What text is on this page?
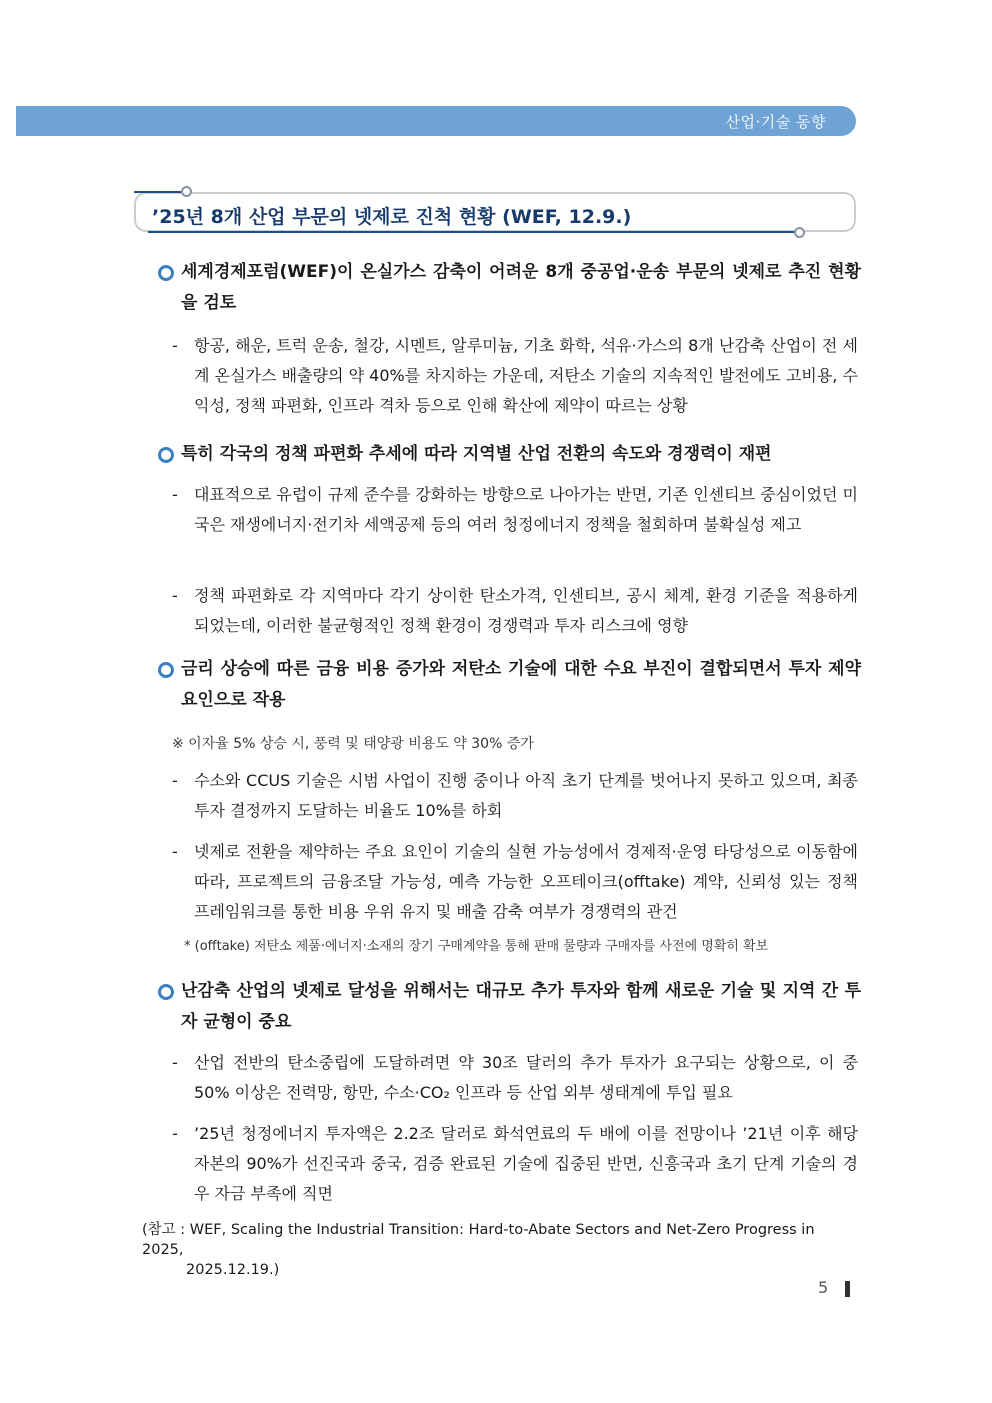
산업·기술 동향
’25년 8개 산업 부문의 넷제로 진척 현황 (WEF, 12.9.)
세계경제포럼(WEF)이 온실가스 감축이 어려운 8개 중공업·운송 부문의 넷제로 추진 현황을 검토
- 항공, 해운, 트럭 운송, 철강, 시멘트, 알루미늄, 기초 화학, 석유·가스의 8개 난감축 산업이 전 세계 온실가스 배출량의 약 40%를 차지하는 가운데, 저탄소 기술의 지속적인 발전에도 고비용, 수익성, 정책 파편화, 인프라 격차 등으로 인해 확산에 제약이 따르는 상황
특히 각국의 정책 파편화 추세에 따라 지역별 산업 전환의 속도와 경쟁력이 재편
- 대표적으로 유럽이 규제 준수를 강화하는 방향으로 나아가는 반면, 기존 인센티브 중심이었던 미국은 재생에너지·전기차 세액공제 등의 여러 청정에너지 정책을 철회하며 불확실성 제고
- 정책 파편화로 각 지역마다 각기 상이한 탄소가격, 인센티브, 공시 체계, 환경 기준을 적용하게 되었는데, 이러한 불균형적인 정책 환경이 경쟁력과 투자 리스크에 영향
금리 상승에 따른 금융 비용 증가와 저탄소 기술에 대한 수요 부진이 결합되면서 투자 제약 요인으로 작용
※ 이자율 5% 상승 시, 풍력 및 태양광 비용도 약 30% 증가
- 수소와 CCUS 기술은 시범 사업이 진행 중이나 아직 초기 단계를 벗어나지 못하고 있으며, 최종 투자 결정까지 도달하는 비율도 10%를 하회
- 넷제로 전환을 제약하는 주요 요인이 기술의 실현 가능성에서 경제적·운영 타당성으로 이동함에 따라, 프로젝트의 금융조달 가능성, 예측 가능한 오프테이크(offtake) 계약, 신뢰성 있는 정책 프레임워크를 통한 비용 우위 유지 및 배출 감축 여부가 경쟁력의 관건
* (offtake) 저탄소 제품·에너지·소재의 장기 구매계약을 통해 판매 물량과 구매자를 사전에 명확히 확보
난감축 산업의 넷제로 달성을 위해서는 대규모 추가 투자와 함께 새로운 기술 및 지역 간 투자 균형이 중요
- 산업 전반의 탄소중립에 도달하려면 약 30조 달러의 추가 투자가 요구되는 상황으로, 이 중 50% 이상은 전력망, 항만, 수소·CO₂ 인프라 등 산업 외부 생태계에 투입 필요
- ’25년 청정에너지 투자액은 2.2조 달러로 화석연료의 두 배에 이를 전망이나 ’21년 이후 해당 자본의 90%가 선진국과 중국, 검증 완료된 기술에 집중된 반면, 신흥국과 초기 단계 기술의 경우 자금 부족에 직면
(참고 : WEF, Scaling the Industrial Transition: Hard-to-Abate Sectors and Net-Zero Progress in 2025,
2025.12.19.)
5
